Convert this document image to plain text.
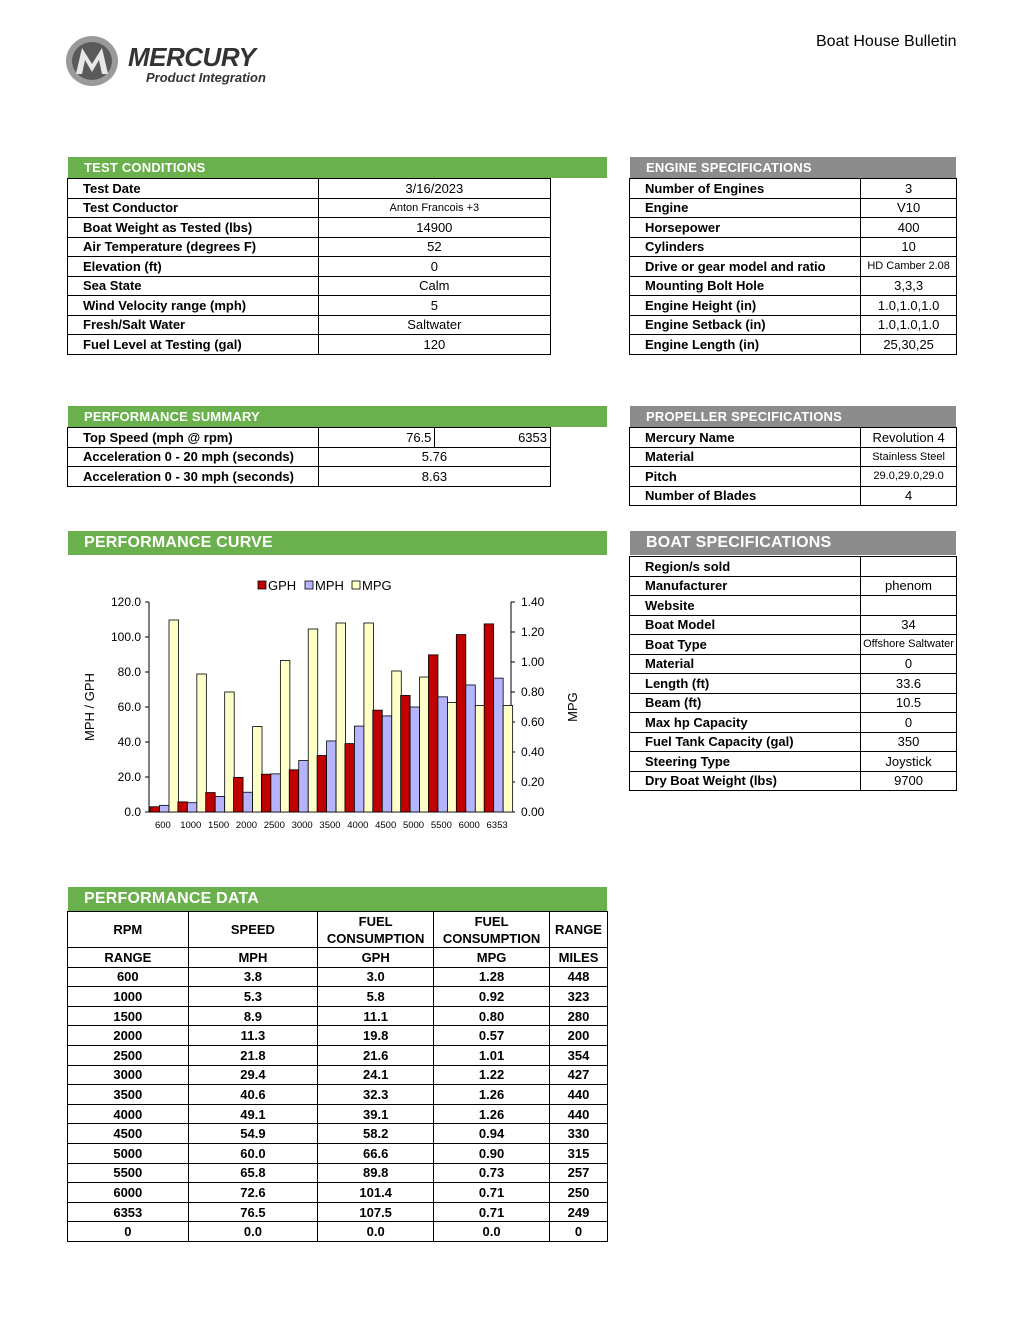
MERCURY
Product Integration
Boat House Bulletin
TEST CONDITIONS
Test Date	3/16/2023
Test Conductor	Anton Francois +3
Boat Weight as Tested (lbs)	14900
Air Temperature (degrees F)	52
Elevation (ft)	0
Sea State	Calm
Wind Velocity range (mph)	5
Fresh/Salt Water	Saltwater
Fuel Level at Testing (gal)	120
ENGINE SPECIFICATIONS
Number of Engines	3
Engine	V10
Horsepower	400
Cylinders	10
Drive or gear model and ratio	HD Camber 2.08
Mounting Bolt Hole	3,3,3
Engine Height (in)	1.0,1.0,1.0
Engine Setback (in)	1.0,1.0,1.0
Engine Length (in)	25,30,25
PERFORMANCE SUMMARY
Top Speed (mph @ rpm)	76.5	6353
Acceleration 0 - 20 mph (seconds)	5.76	
Acceleration 0 - 30 mph (seconds)	8.63	
PROPELLER SPECIFICATIONS
Mercury Name	Revolution 4
Material	Stainless Steel
Pitch	29.0,29.0,29.0
Number of Blades	4
PERFORMANCE CURVE
0.0
20.0
40.0
60.0
80.0
100.0
120.0
0.00
0.20
0.40
0.60
0.80
1.00
1.20
1.40
600 1000 1500 2000 2500 3000 3500 4000 4500 5000 5500 6000 6353
GPH MPH MPG
MPH / GPH	MPG
BOAT SPECIFICATIONS
Region/s sold	
Manufacturer	phenom
Website	
Boat Model	34
Boat Type	Offshore Saltwater
Material	0
Length (ft)	33.6
Beam (ft)	10.5
Max hp Capacity	0
Fuel Tank Capacity (gal)	350
Steering Type	Joystick
Dry Boat Weight (lbs)	9700
PERFORMANCE DATA
RPM	SPEED	FUEL CONSUMPTION	FUEL CONSUMPTION	RANGE
RANGE	MPH	GPH	MPG	MILES
600	3.8	3.0	1.28	448
1000	5.3	5.8	0.92	323
1500	8.9	11.1	0.80	280
2000	11.3	19.8	0.57	200
2500	21.8	21.6	1.01	354
3000	29.4	24.1	1.22	427
3500	40.6	32.3	1.26	440
4000	49.1	39.1	1.26	440
4500	54.9	58.2	0.94	330
5000	60.0	66.6	0.90	315
5500	65.8	89.8	0.73	257
6000	72.6	101.4	0.71	250
6353	76.5	107.5	0.71	249
0	0.0	0.0	0.0	0
